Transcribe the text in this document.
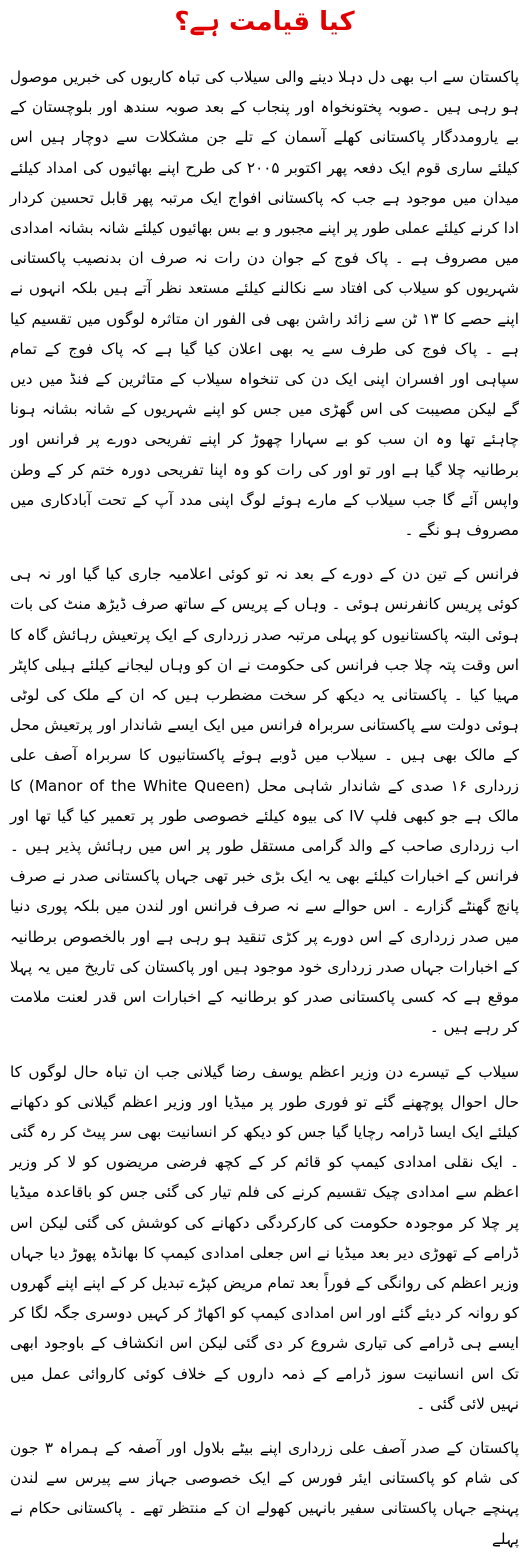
کیا قیامت ہے؟

پاکستان سے اب بھی دل دہلا دینے والی سیلاب کی تباہ کاریوں کی خبریں موصول ہو رہی ہیں ۔صوبہ پختونخواہ اور پنجاب کے بعد صوبہ سندھ اور بلوچستان کے بے یارومددگار پاکستانی کھلے آسمان کے تلے جن مشکلات سے دوچار ہیں اس کیلئے ساری قوم ایک دفعہ پھر اکتوبر ۲۰۰۵ کی طرح اپنے بھائیوں کی امداد کیلئے میدان میں موجود ہے جب کہ پاکستانی افواج ایک مرتبہ پھر قابل تحسین کردار ادا کرنے کیلئے عملی طور پر اپنے مجبور و بے بس بھائیوں کیلئے شانہ بشانہ امدادی میں مصروف ہے ۔ پاک فوج کے جوان دن رات نہ صرف ان بدنصیب پاکستانی شہریوں کو سیلاب کی افتاد سے نکالنے کیلئے مستعد نظر آتے ہیں بلکہ انہوں نے اپنے حصے کا ۱۳ ٹن سے زائد راشن بھی فی الفور ان متاثرہ لوگوں میں تقسیم کیا ہے ۔ پاک فوج کی طرف سے یہ بھی اعلان کیا گیا ہے کہ پاک فوج کے تمام سپاہی اور افسران اپنی ایک دن کی تنخواہ سیلاب کے متاثرین کے فنڈ میں دیں گے لیکن مصیبت کی اس گھڑی میں جس کو اپنے شہریوں کے شانہ بشانہ ہونا چاہئے تھا وہ ان سب کو بے سہارا چھوڑ کر اپنے تفریحی دورے پر فرانس اور برطانیہ چلا گیا ہے اور تو اور کی رات کو وہ اپنا تفریحی دورہ ختم کر کے وطن واپس آئے گا جب سیلاب کے مارے ہوئے لوگ اپنی مدد آپ کے تحت آبادکاری میں مصروف ہو نگے ۔

فرانس کے تین دن کے دورے کے بعد نہ تو کوئی اعلامیہ جاری کیا گیا اور نہ ہی کوئی پریس کانفرنس ہوئی ۔ وہاں کے پریس کے ساتھ صرف ڈیڑھ منٹ کی بات ہوئی البتہ پاکستانیوں کو پہلی مرتبہ صدر زرداری کے ایک پرتعیش رہائش گاہ کا اس وقت پتہ چلا جب فرانس کی حکومت نے ان کو وہاں لیجانے کیلئے ہیلی کاپٹر مہیا کیا ۔ پاکستانی یہ دیکھ کر سخت مضطرب ہیں کہ ان کے ملک کی لوٹی ہوئی دولت سے پاکستانی سربراہ فرانس میں ایک ایسے شاندار اور پرتعیش محل کے مالک بھی ہیں ۔ سیلاب میں ڈوبے ہوئے پاکستانیوں کا سربراہ آصف علی زرداری ۱۶ صدی کے شاندار شاہی محل (Manor of the White Queen) کا مالک ہے جو کبھی فلپ IV کی بیوہ کیلئے خصوصی طور پر تعمیر کیا گیا تھا اور اب زرداری صاحب کے والد گرامی مستقل طور پر اس میں رہائش پذیر ہیں ۔ فرانس کے اخبارات کیلئے بھی یہ ایک بڑی خبر تھی جہاں پاکستانی صدر نے صرف پانچ گھنٹے گزارے ۔ اس حوالے سے نہ صرف فرانس اور لندن میں بلکہ پوری دنیا میں صدر زرداری کے اس دورے پر کڑی تنقید ہو رہی ہے اور بالخصوص برطانیہ کے اخبارات جہاں صدر زرداری خود موجود ہیں اور پاکستان کی تاریخ میں یہ پہلا موقع ہے کہ کسی پاکستانی صدر کو برطانیہ کے اخبارات اس قدر لعنت ملامت کر رہے ہیں ۔

سیلاب کے تیسرے دن وزیر اعظم یوسف رضا گیلانی جب ان تباہ حال لوگوں کا حال احوال پوچھنے گئے تو فوری طور پر میڈیا اور وزیر اعظم گیلانی کو دکھانے کیلئے ایک ایسا ڈرامہ رچایا گیا جس کو دیکھ کر انسانیت بھی سر پیٹ کر رہ گئی ۔ ایک نقلی امدادی کیمپ کو قائم کر کے کچھ فرضی مریضوں کو لا کر وزیر اعظم سے امدادی چیک تقسیم کرنے کی فلم تیار کی گئی جس کو باقاعدہ میڈیا پر چلا کر موجودہ حکومت کی کارکردگی دکھانے کی کوشش کی گئی لیکن اس ڈرامے کے تھوڑی دیر بعد میڈیا نے اس جعلی امدادی کیمپ کا بھانڈہ پھوڑ دیا جہاں وزیر اعظم کی روانگی کے فوراً بعد تمام مریض کپڑے تبدیل کر کے اپنے اپنے گھروں کو روانہ کر دیئے گئے اور اس امدادی کیمپ کو اکھاڑ کر کہیں دوسری جگہ لگا کر ایسے ہی ڈرامے کی تیاری شروع کر دی گئی لیکن اس انکشاف کے باوجود ابھی تک اس انسانیت سوز ڈرامے کے ذمہ داروں کے خلاف کوئی کاروائی عمل میں نہیں لائی گئی ۔

پاکستان کے صدر آصف علی زرداری اپنے بیٹے بلاول اور آصفہ کے ہمراہ ۳ جون کی شام کو پاکستانی ایئر فورس کے ایک خصوصی جہاز سے پیرس سے لندن پہنچے جہاں پاکستانی سفیر بانہیں کھولے ان کے منتظر تھے ۔ پاکستانی حکام نے پہلے
